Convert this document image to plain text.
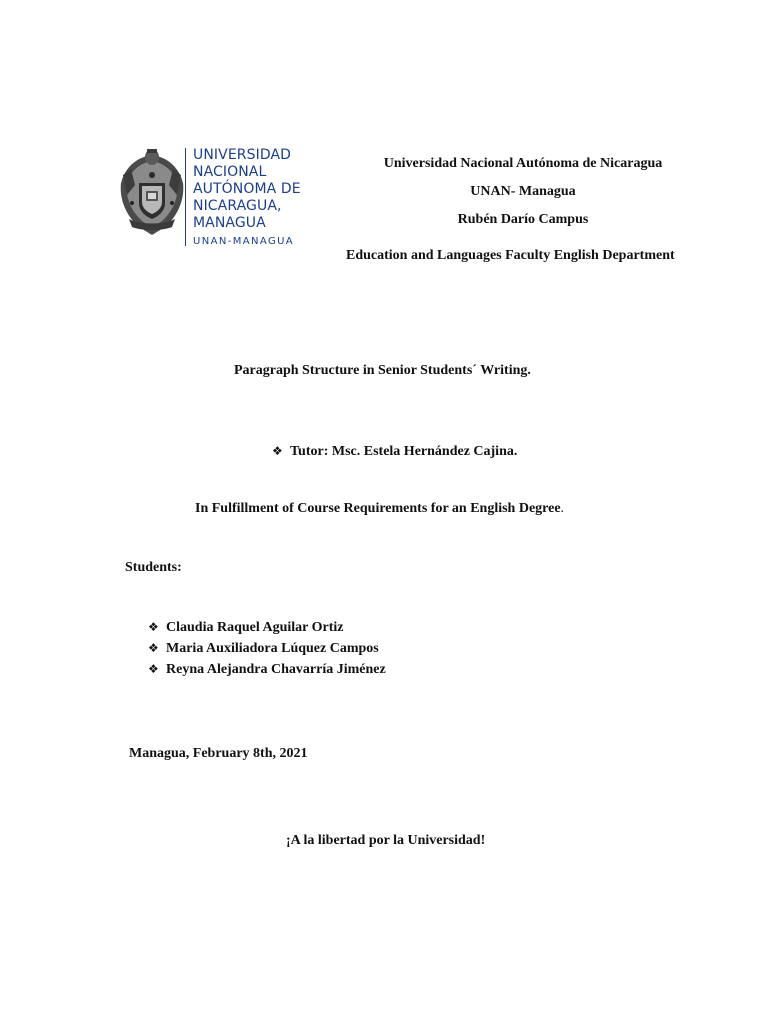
UNIVERSIDAD
NACIONAL
AUTÓNOMA DE
NICARAGUA,
MANAGUA
UNAN-MANAGUA
Universidad Nacional Autónoma de Nicaragua
UNAN- Managua
Rubén Darío Campus
Education and Languages Faculty English Department
Paragraph Structure in Senior Students´ Writing.
❖ Tutor: Msc. Estela Hernández Cajina.
In Fulfillment of Course Requirements for an English Degree.
Students:
❖ Claudia Raquel Aguilar Ortiz
❖ Maria Auxiliadora Lúquez Campos
❖ Reyna Alejandra Chavarría Jiménez
Managua, February 8th, 2021
¡A la libertad por la Universidad!
